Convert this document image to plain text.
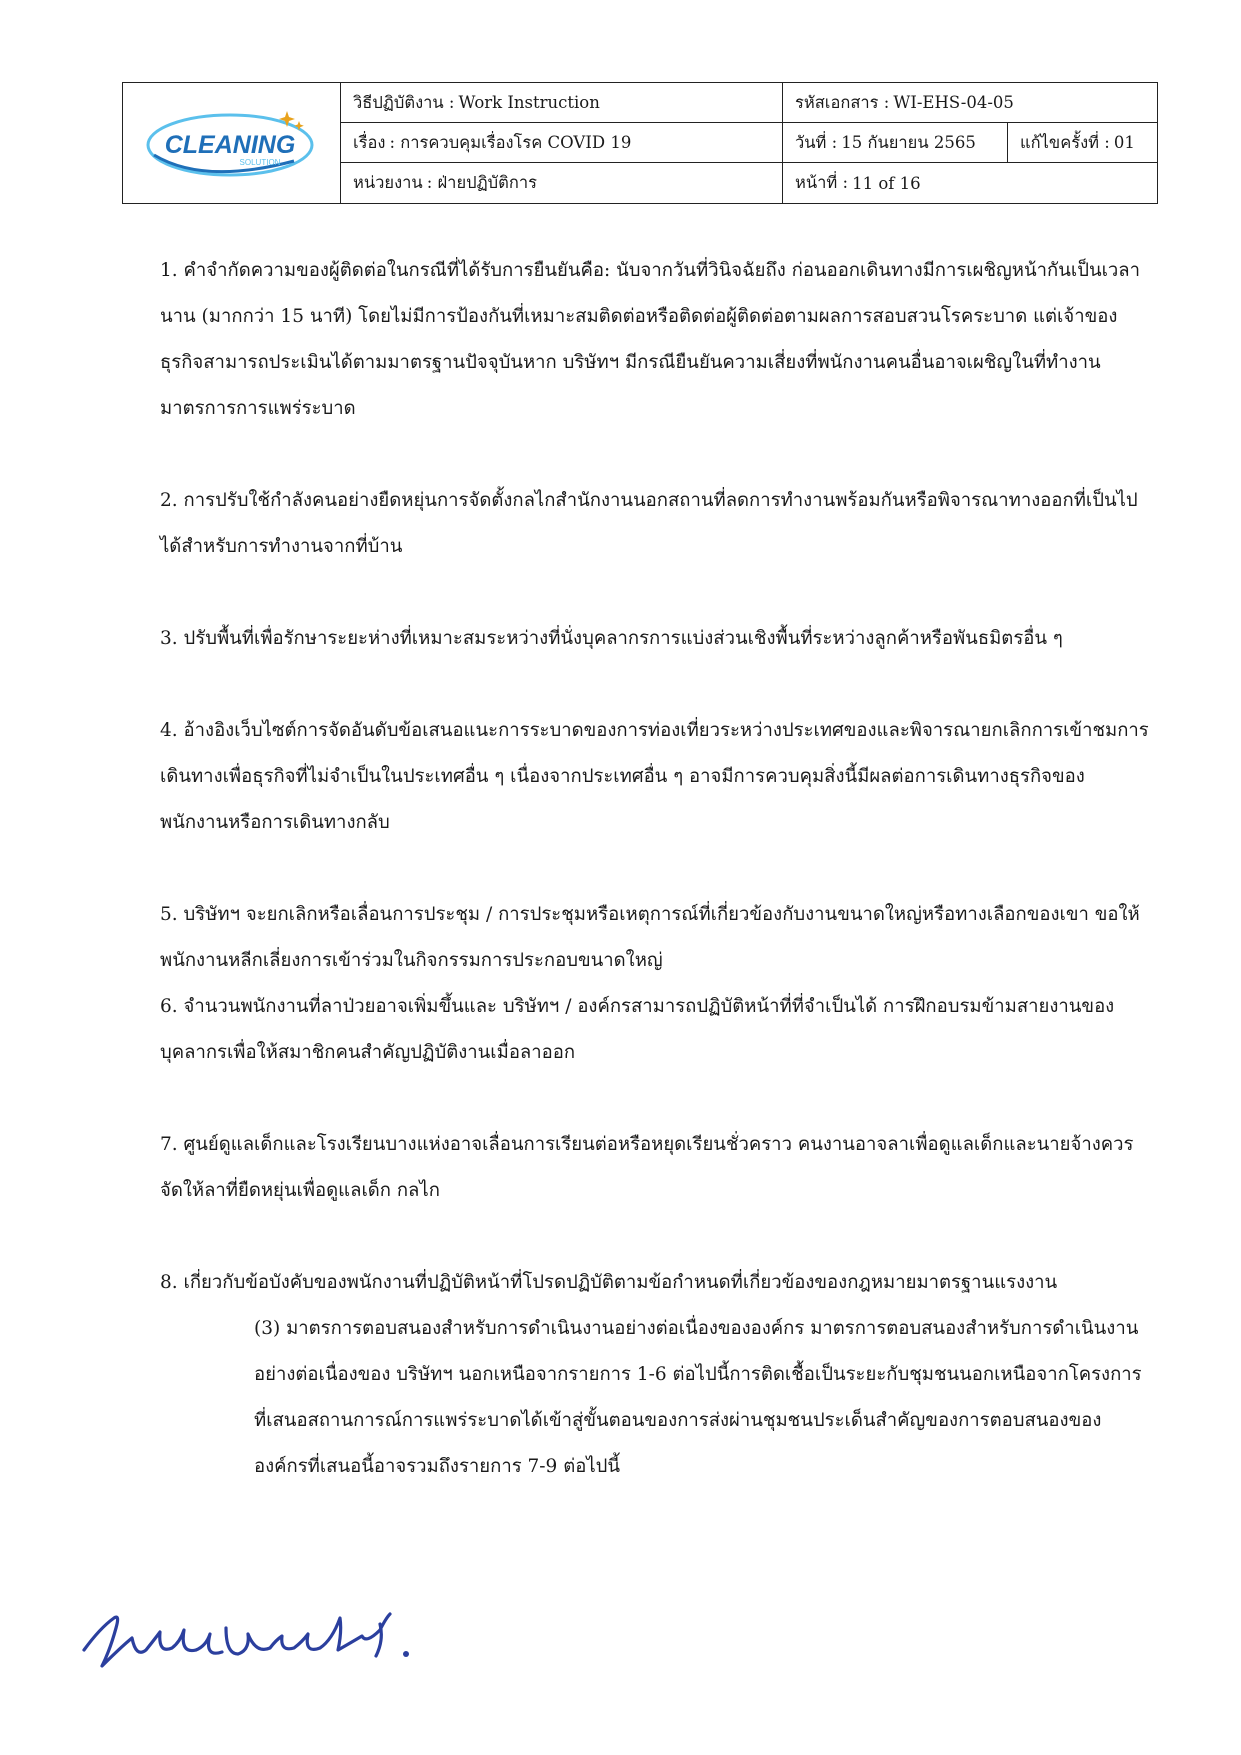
CLEANING
SOLUTION
วิธีปฏิบัติงาน : Work Instruction	รหัสเอกสาร : WI-EHS-04-05
เรื่อง : การควบคุมเรื่องโรค COVID 19	วันที่ : 15 กันยายน 2565	แก้ไขครั้งที่ : 01
หน่วยงาน : ฝ่ายปฏิบัติการ	หน้าที่ : 11 of 16

1. คำจำกัดความของผู้ติดต่อในกรณีที่ได้รับการยืนยันคือ: นับจากวันที่วินิจฉัยถึง ก่อนออกเดินทางมีการเผชิญหน้ากันเป็นเวลานาน (มากกว่า 15 นาที) โดยไม่มีการป้องกันที่เหมาะสมติดต่อหรือติดต่อผู้ติดต่อตามผลการสอบสวนโรคระบาด แต่เจ้าของธุรกิจสามารถประเมินได้ตามมาตรฐานปัจจุบันหาก บริษัทฯ มีกรณียืนยันความเสี่ยงที่พนักงานคนอื่นอาจเผชิญในที่ทำงานมาตรการการแพร่ระบาด

2. การปรับใช้กำลังคนอย่างยืดหยุ่นการจัดตั้งกลไกสำนักงานนอกสถานที่ลดการทำงานพร้อมกันหรือพิจารณาทางออกที่เป็นไปได้สำหรับการทำงานจากที่บ้าน

3. ปรับพื้นที่เพื่อรักษาระยะห่างที่เหมาะสมระหว่างที่นั่งบุคลากรการแบ่งส่วนเชิงพื้นที่ระหว่างลูกค้าหรือพันธมิตรอื่น ๆ

4. อ้างอิงเว็บไซต์การจัดอันดับข้อเสนอแนะการระบาดของการท่องเที่ยวระหว่างประเทศของและพิจารณายกเลิกการเข้าชมการเดินทางเพื่อธุรกิจที่ไม่จำเป็นในประเทศอื่น ๆ เนื่องจากประเทศอื่น ๆ อาจมีการควบคุมสิ่งนี้มีผลต่อการเดินทางธุรกิจของพนักงานหรือการเดินทางกลับ

5. บริษัทฯ จะยกเลิกหรือเลื่อนการประชุม / การประชุมหรือเหตุการณ์ที่เกี่ยวข้องกับงานขนาดใหญ่หรือทางเลือกของเขา ขอให้พนักงานหลีกเลี่ยงการเข้าร่วมในกิจกรรมการประกอบขนาดใหญ่

6. จำนวนพนักงานที่ลาป่วยอาจเพิ่มขึ้นและ บริษัทฯ / องค์กรสามารถปฏิบัติหน้าที่ที่จำเป็นได้ การฝึกอบรมข้ามสายงานของบุคลากรเพื่อให้สมาชิกคนสำคัญปฏิบัติงานเมื่อลาออก

7. ศูนย์ดูแลเด็กและโรงเรียนบางแห่งอาจเลื่อนการเรียนต่อหรือหยุดเรียนชั่วคราว คนงานอาจลาเพื่อดูแลเด็กและนายจ้างควรจัดให้ลาที่ยืดหยุ่นเพื่อดูแลเด็ก กลไก

8. เกี่ยวกับข้อบังคับของพนักงานที่ปฏิบัติหน้าที่โปรดปฏิบัติตามข้อกำหนดที่เกี่ยวข้องของกฎหมายมาตรฐานแรงงาน

(3) มาตรการตอบสนองสำหรับการดำเนินงานอย่างต่อเนื่องขององค์กร มาตรการตอบสนองสำหรับการดำเนินงานอย่างต่อเนื่องของ บริษัทฯ นอกเหนือจากรายการ 1-6 ต่อไปนี้การติดเชื้อเป็นระยะกับชุมชนนอกเหนือจากโครงการที่เสนอสถานการณ์การแพร่ระบาดได้เข้าสู่ขั้นตอนของการส่งผ่านชุมชนประเด็นสำคัญของการตอบสนองขององค์กรที่เสนอนี้อาจรวมถึงรายการ 7-9 ต่อไปนี้
